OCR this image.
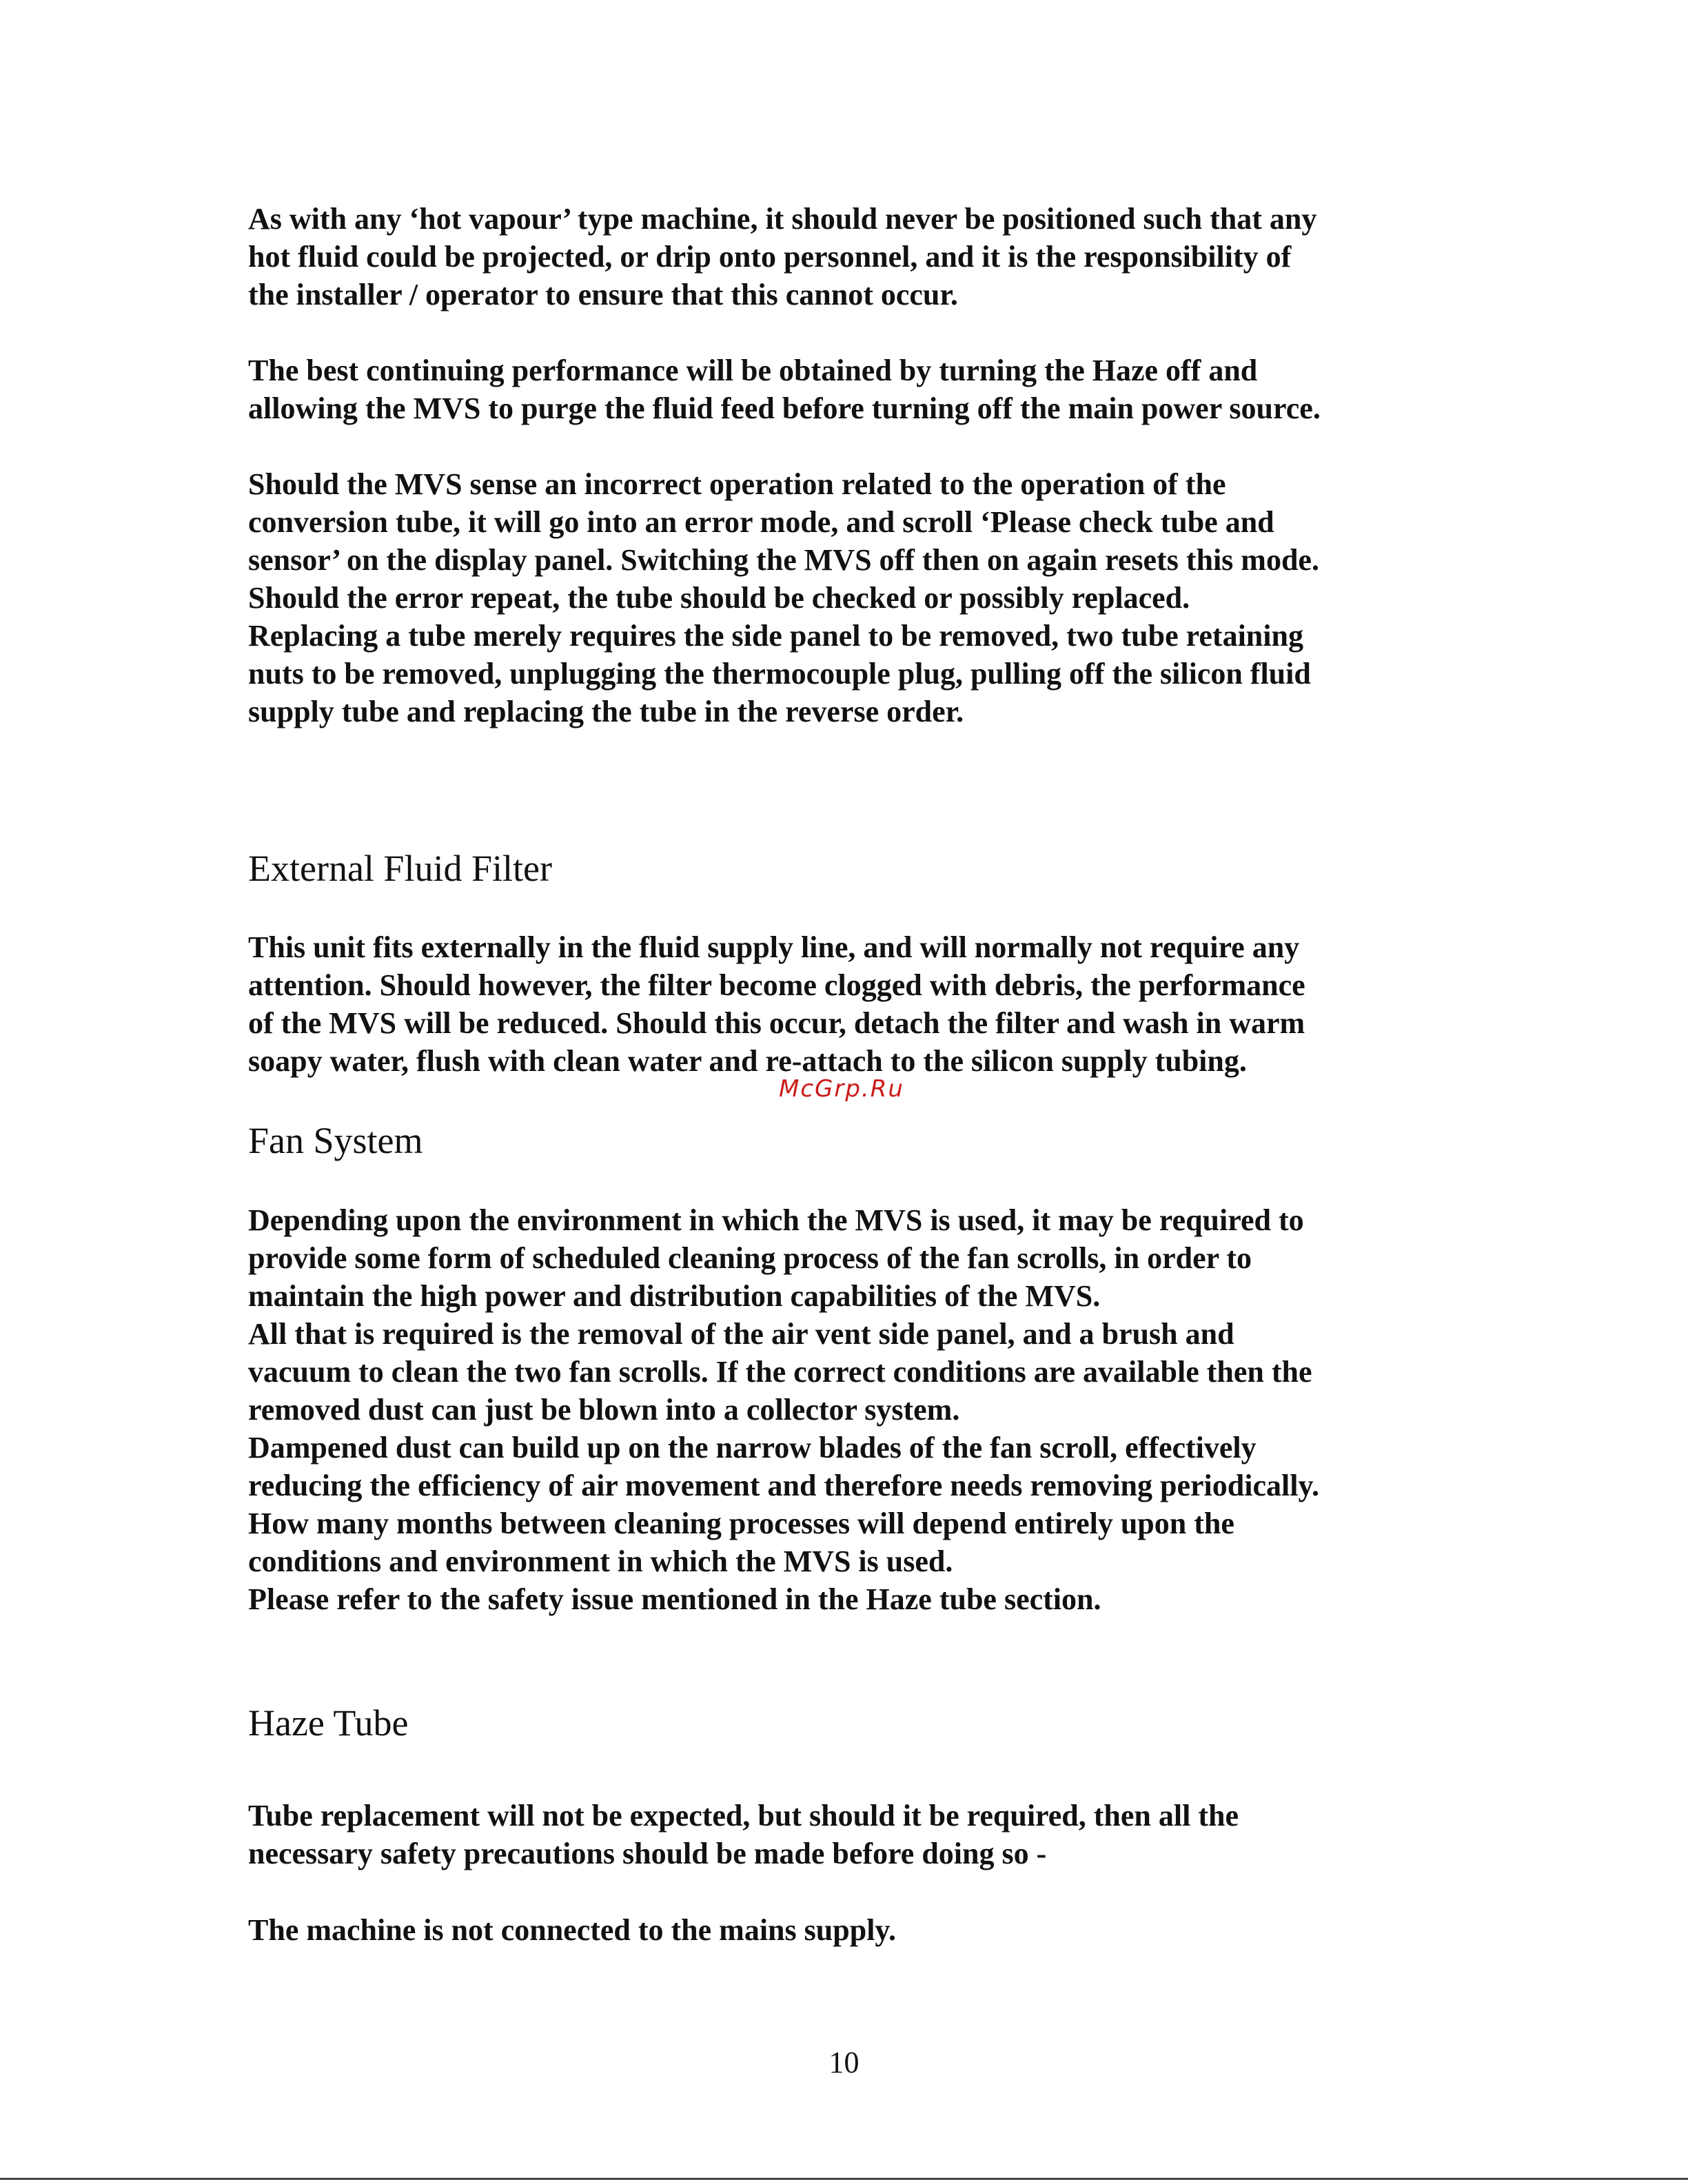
As with any ‘hot vapour’ type machine, it should never be positioned such that any
hot fluid could be projected, or drip onto personnel, and it is the responsibility of
the installer / operator to ensure that this cannot occur.

The best continuing performance will be obtained by turning the Haze off and
allowing the MVS to purge the fluid feed before turning off the main power source.

Should the MVS sense an incorrect operation related to the operation of the
conversion tube, it will go into an error mode, and scroll ‘Please check tube and
sensor’ on the display panel. Switching the MVS off then on again resets this mode.
Should the error repeat, the tube should be checked or possibly replaced.
Replacing a tube merely requires the side panel to be removed, two tube retaining
nuts to be removed, unplugging the thermocouple plug, pulling off the silicon fluid
supply tube and replacing the tube in the reverse order.

External Fluid Filter

This unit fits externally in the fluid supply line, and will normally not require any
attention. Should however, the filter become clogged with debris, the performance
of the MVS will be reduced. Should this occur, detach the filter and wash in warm
soapy water, flush with clean water and re-attach to the silicon supply tubing.

McGrp.Ru
Fan System

Depending upon the environment in which the MVS is used, it may be required to
provide some form of scheduled cleaning process of the fan scrolls, in order to
maintain the high power and distribution capabilities of the MVS.
All that is required is the removal of the air vent side panel, and a brush and
vacuum to clean the two fan scrolls. If the correct conditions are available then the
removed dust can just be blown into a collector system.
Dampened dust can build up on the narrow blades of the fan scroll, effectively
reducing the efficiency of air movement and therefore needs removing periodically.
How many months between cleaning processes will depend entirely upon the
conditions and environment in which the MVS is used.
Please refer to the safety issue mentioned in the Haze tube section.

Haze Tube

Tube replacement will not be expected, but should it be required, then all the
necessary safety precautions should be made before doing so -

The machine is not connected to the mains supply.

10
